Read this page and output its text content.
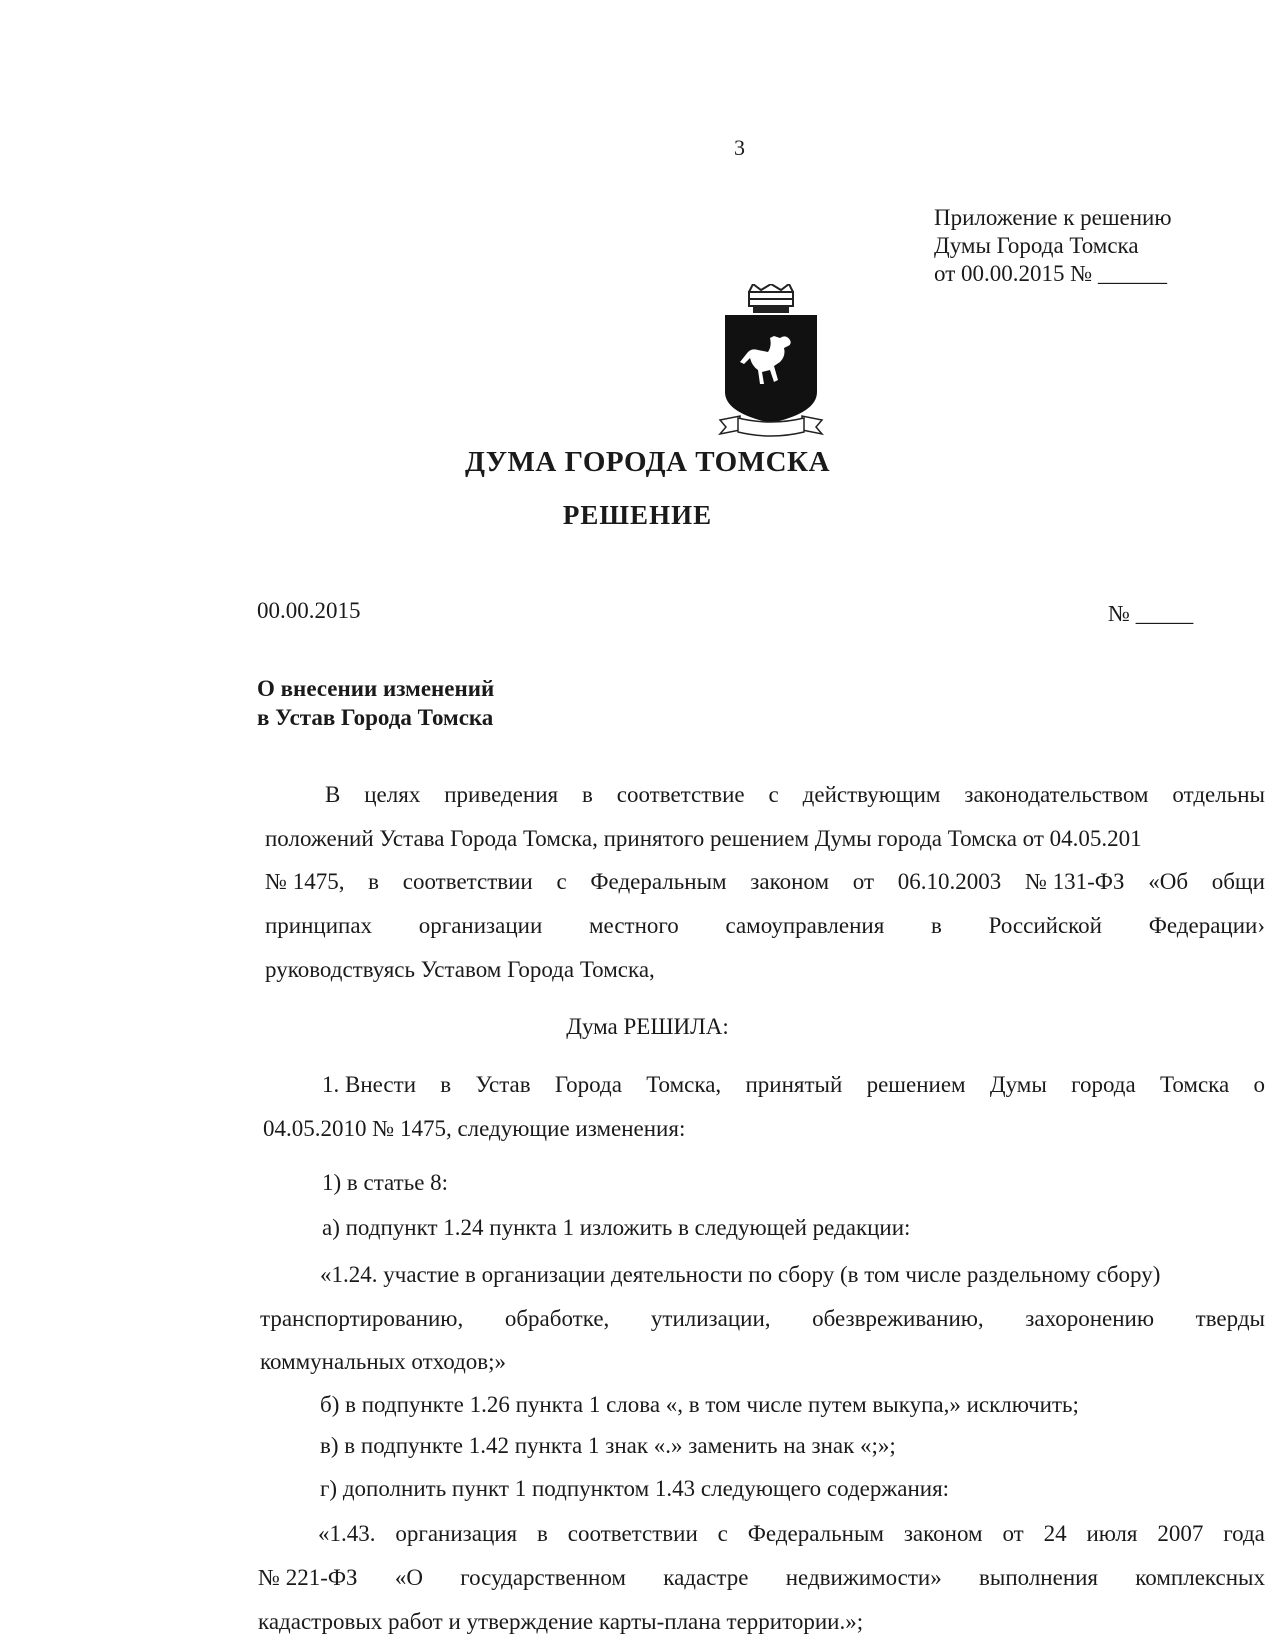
3
Приложение к решению
Думы Города Томска
от 00.00.2015 № ______
ДУМА ГОРОДА ТОМСКА
РЕШЕНИЕ
00.00.2015	№ _____
О внесении изменений
в Устав Города Томска
В целях приведения в соответствие с действующим законодательством отдельны
положений Устава Города Томска, принятого решением Думы города Томска от 04.05.201
№ 1475, в соответствии с Федеральным законом от 06.10.2003 № 131-ФЗ «Об общи
принципах организации местного самоуправления в Российской Федерации›
руководствуясь Уставом Города Томска,
Дума РЕШИЛА:
1. Внести в Устав Города Томска, принятый решением Думы города Томска о
04.05.2010 № 1475, следующие изменения:
1) в статье 8:
а) подпункт 1.24 пункта 1 изложить в следующей редакции:
«1.24. участие в организации деятельности по сбору (в том числе раздельному сбору)
транспортированию, обработке, утилизации, обезвреживанию, захоронению тверды
коммунальных отходов;»
б) в подпункте 1.26 пункта 1 слова «, в том числе путем выкупа,» исключить;
в) в подпункте 1.42 пункта 1 знак «.» заменить на знак «;»;
г) дополнить пункт 1 подпунктом 1.43 следующего содержания:
«1.43. организация в соответствии с Федеральным законом от 24 июля 2007 года
№ 221-ФЗ «О государственном кадастре недвижимости» выполнения комплексных
кадастровых работ и утверждение карты-плана территории.»;
